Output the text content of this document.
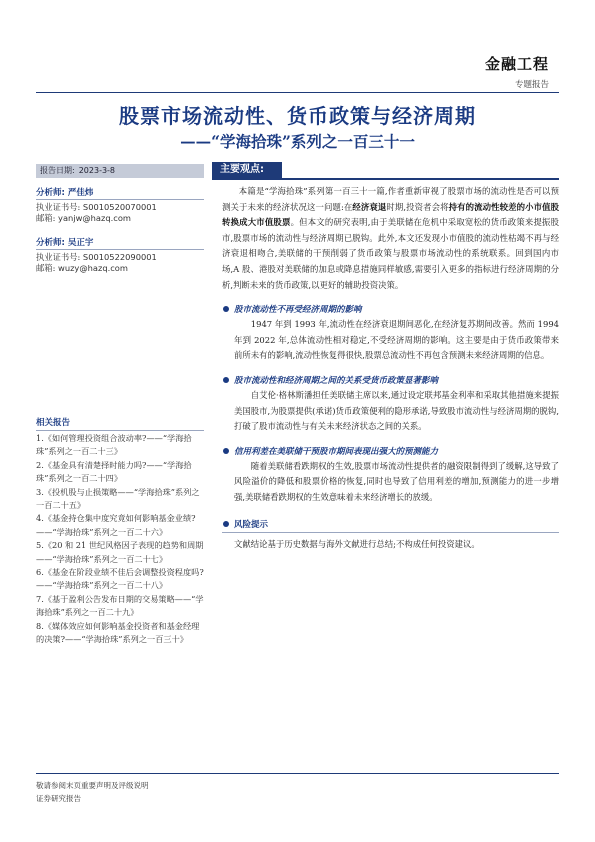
金融工程
专题报告
股票市场流动性、货币政策与经济周期
——“学海拾珠”系列之一百三十一
报告日期: 2023-3-8	主要观点:
分析师: 严佳炜
执业证书号: S0010520070001
邮箱: yanjw@hazq.com
分析师: 吴正宇
执业证书号: S0010522090001
邮箱: wuzy@hazq.com
相关报告
1.《如何管理投资组合波动率?——“学海拾珠”系列之一百二十三》
2.《基金具有清楚择时能力吗?——“学海拾珠”系列之一百二十四》
3.《投机股与止损策略——“学海拾珠”系列之一百二十五》
4.《基金持仓集中度究竟如何影响基金业绩?——“学海拾珠”系列之一百二十六》
5.《20 和 21 世纪风格因子表现的趋势和周期——“学海拾珠”系列之一百二十七》
6.《基金在阶段业绩不佳后会调整投资程度吗?——“学海拾珠”系列之一百二十八》
7.《基于盈利公告发布日期的交易策略——“学海拾珠”系列之一百二十九》
8.《媒体效应如何影响基金投资者和基金经理的决策?——“学海拾珠”系列之一百三十》

本篇是“学海拾珠”系列第一百三十一篇,作者重新审视了股票市场的流动性是否可以预测关于未来的经济状况这一问题:在经济衰退时期,投资者会将持有的流动性较差的小市值股转换成大市值股票。但本文的研究表明,由于美联储在危机中采取宽松的货币政策来提振股市,股票市场的流动性与经济周期已脱钩。此外,本文还发现小市值股的流动性枯竭不再与经济衰退相吻合,美联储的干预削弱了货币政策与股票市场流动性的系统联系。回到国内市场,A 股、港股对美联储的加息或降息措施同样敏感,需要引入更多的指标进行经济周期的分析,判断未来的货币政策,以更好的辅助投资决策。

股市流动性不再受经济周期的影响

1947 年到 1993 年,流动性在经济衰退期间恶化,在经济复苏期间改善。然而 1994 年到 2022 年,总体流动性相对稳定,不受经济周期的影响。这主要是由于货币政策带来前所未有的影响,流动性恢复得很快,股票总流动性不再包含预测未来经济周期的信息。

股市流动性和经济周期之间的关系受货币政策显著影响

自艾伦·格林斯潘担任美联储主席以来,通过设定联邦基金利率和采取其他措施来提振美国股市,为股票提供(承诺)货币政策便利的隐形承诺,导致股市流动性与经济周期的脱钩,打破了股市流动性与有关未来经济状态之间的关系。

信用利差在美联储干预股市期间表现出强大的预测能力

随着美联储看跌期权的生效,股票市场流动性提供者的融资限制得到了缓解,这导致了风险溢价的降低和股票价格的恢复,同时也导致了信用利差的增加,预测能力的进一步增强,美联储看跌期权的生效意味着未来经济增长的放缓。

风险提示

文献结论基于历史数据与海外文献进行总结;不构成任何投资建议。

敬请参阅末页重要声明及评级说明
证券研究报告
